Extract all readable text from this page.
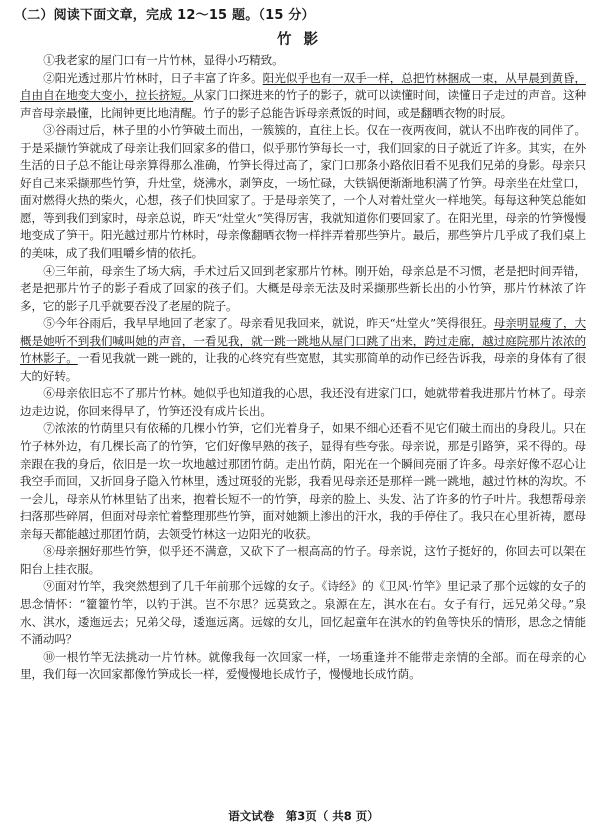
（二）阅读下面文章，完成 12～15 题。（15 分）
竹影

①我老家的屋门口有一片竹林，显得小巧精致。

②阳光透过那片竹林时，日子丰富了许多。阳光似乎也有一双手一样，总把竹林捆成一束，从早晨到黄昏，自由自在地变大变小，拉长挤短。从家门口探进来的竹子的影子，就可以读懂时间，读懂日子走过的声音。这种声音母亲最懂，比闹钟更比地清醒。竹子的影子总能告诉母亲煮饭的时间，或是翻晒衣物的时辰。

③谷雨过后，林子里的小竹笋破土而出，一簇簇的，直往上长。仅在一夜两夜间，就认不出昨夜的同伴了。于是采撷竹笋就成了母亲让我们回家多的借口，似乎那竹笋每长一寸，我们回家的日子就近了许多。其实，在外生活的日子总不能让母亲算得那么准确，竹笋长得过高了，家门口那条小路依旧看不见我们兄弟的身影。母亲只好自己来采撷那些竹笋，升灶堂，烧沸水，剥笋皮，一场忙碌，大铁锅便渐渐地积满了竹笋。母亲坐在灶堂口，面对燃得火热的柴火，心想，孩子们快回家了。于是母亲笑了，一个人对着灶堂火一样地笑。每每这种笑总能如愿，等到我们到家时，母亲总说，昨天“灶堂火”笑得厉害，我就知道你们要回家了。在阳光里，母亲的竹笋慢慢地变成了笋干。阳光越过那片竹林时，母亲像翻晒衣物一样拌弄着那些笋片。最后，那些笋片几乎成了我们桌上的美味，成了我们咀嚼乡情的依托。

④三年前，母亲生了场大病，手术过后又回到老家那片竹林。刚开始，母亲总是不习惯，老是把时间弄错，老是把那片竹子的影子看成了回家的孩子们。大概是母亲无法及时采撷那些新长出的小竹笋，那片竹林浓了许多，它的影子几乎就要吞没了老屋的院子。

⑤今年谷雨后，我早早地回了老家了。母亲看见我回来，就说，昨天“灶堂火”笑得很狂。母亲明显瘦了，大概是她听不到我们喊叫她的声音，一看见我，就一跳一跳地从屋门口跳了出来，跨过走廊，越过庭院那片浓浓的竹林影子。一看见我就一跳一跳的，让我的心终究有些宽慰，其实那简单的动作已经告诉我，母亲的身体有了很大的好转。

⑥母亲依旧忘不了那片竹林。她似乎也知道我的心思，我还没有进家门口，她就带着我进那片竹林了。母亲边走边说，你回来得早了，竹笋还没有成片长出。

⑦浓浓的竹荫里只有依稀的几棵小竹笋，它们光着身子，如果不细心还看不见它们破土而出的身段儿。只在竹子林外边，有几棵长高了的竹笋，它们好像早熟的孩子，显得有些夸张。母亲说，那是引路笋，采不得的。母亲跟在我的身后，依旧是一坎一坎地越过那团竹荫。走出竹荫，阳光在一个瞬间亮丽了许多。母亲好像不忍心让我空手而回，又折回身子隐入竹林里，透过斑驳的光影，我看见母亲还是那样一跳一跳地，越过竹林的沟坎。不一会儿，母亲从竹林里钻了出来，抱着长短不一的竹笋，母亲的脸上、头发、沾了许多的竹子叶片。我想帮母亲扫落那些碎屑，但面对母亲忙着整理那些竹笋，面对她额上渗出的汗水，我的手停住了。我只在心里祈祷，愿母亲每天都能越过那团竹荫，去领受竹林这一边阳光的收获。

⑧母亲捆好那些竹笋，似乎还不满意，又砍下了一根高高的竹子。母亲说，这竹子挺好的，你回去可以架在阳台上挂衣服。

⑨面对竹竿，我突然想到了几千年前那个远嫁的女子。《诗经》的《卫风·竹竿》里记录了那个远嫁的女子的思念情怀：“籊籊竹竿，以钓于淇。岂不尔思？远莫致之。泉源在左，淇水在右。女子有行，远兄弟父母。”泉水、淇水，逶迤远去；兄弟父母，逶迤远离。远嫁的女儿，回忆起童年在淇水的钓鱼等快乐的情形，思念之情能不涌动吗？

⑩一根竹竿无法挑动一片竹林。就像我每一次回家一样，一场重逢并不能带走亲情的全部。而在母亲的心里，我们每一次回家都像竹笋成长一样，爱慢慢地长成竹子，慢慢地长成竹荫。

语文试卷　第3页（ 共8 页）
